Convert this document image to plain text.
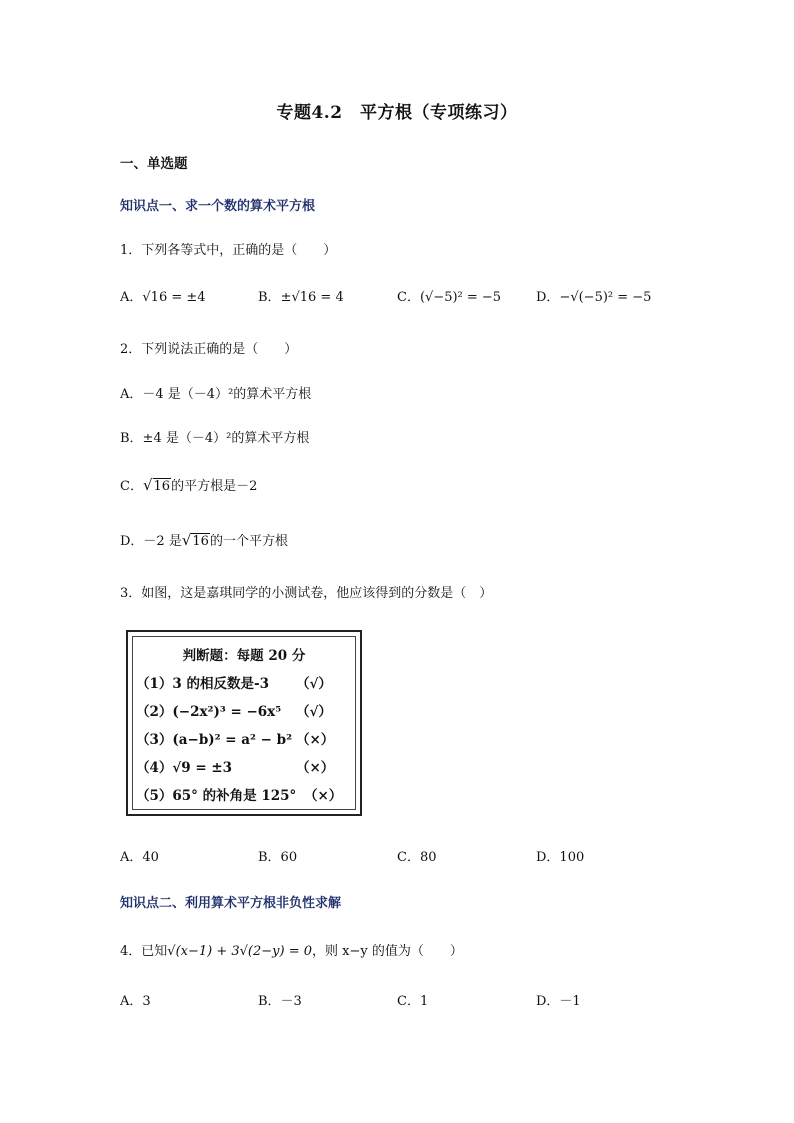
专题4.2　平方根（专项练习）
一、单选题
知识点一、求一个数的算术平方根
1．下列各等式中，正确的是（　　）
A．√16 = ±4	B．±√16 = 4	C．(√−5)² = −5	D．−√(−5)² = −5
2．下列说法正确的是（　　）
A．－4 是（－4）²的算术平方根
B．±4 是（－4）²的算术平方根
C．√16的平方根是－2
D．－2 是√16的一个平方根
3．如图，这是嘉琪同学的小测试卷，他应该得到的分数是（　）
判断题：每题 20 分
（1）3 的相反数是-3 （√）
（2）(−2x²)³ = −6x⁵ （√）
（3）(a−b)² = a² − b² （×）
（4）√9 = ±3	（×）
（5）65° 的补角是 125° （×）
A．40	B．60	C．80	D．100
知识点二、利用算术平方根非负性求解
4．已知√(x−1) + 3√(2−y) = 0，则 x−y 的值为（　　）
A．3	B．－3	C．1	D．－1
